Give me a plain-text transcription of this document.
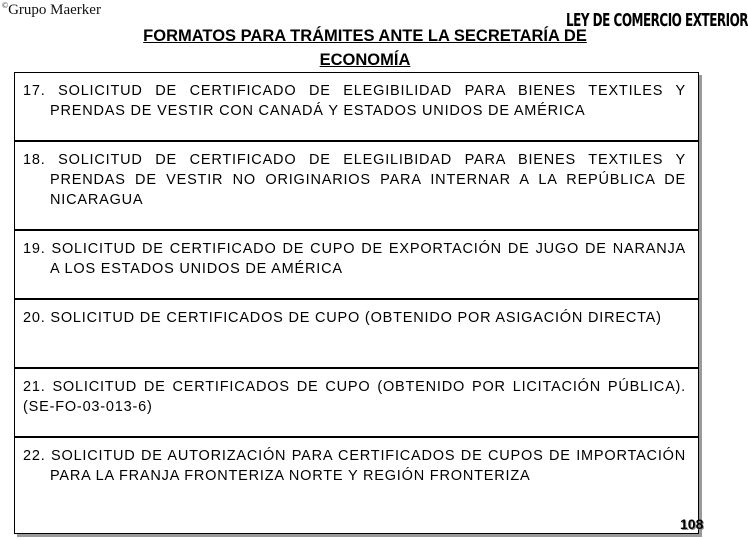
©Grupo Maerker	LEY DE COMERCIO EXTERIOR
FORMATOS PARA TRÁMITES ANTE LA SECRETARÍA DE
ECONOMÍA
17. SOLICITUD DE CERTIFICADO DE ELEGIBILIDAD PARA BIENES TEXTILES Y PRENDAS DE VESTIR CON CANADÁ Y ESTADOS UNIDOS DE AMÉRICA
18. SOLICITUD DE CERTIFICADO DE ELEGILIBIDAD PARA BIENES TEXTILES Y PRENDAS DE VESTIR NO ORIGINARIOS PARA INTERNAR A LA REPÚBLICA DE NICARAGUA
19. SOLICITUD DE CERTIFICADO DE CUPO DE EXPORTACIÓN DE JUGO DE NARANJA A LOS ESTADOS UNIDOS DE AMÉRICA
20. SOLICITUD DE CERTIFICADOS DE CUPO (OBTENIDO POR ASIGACIÓN DIRECTA)
21. SOLICITUD DE CERTIFICADOS DE CUPO (OBTENIDO POR LICITACIÓN PÚBLICA). (SE-FO-03-013-6)
22. SOLICITUD DE AUTORIZACIÓN PARA CERTIFICADOS DE CUPOS DE IMPORTACIÓN PARA LA FRANJA FRONTERIZA NORTE Y REGIÓN FRONTERIZA
108
